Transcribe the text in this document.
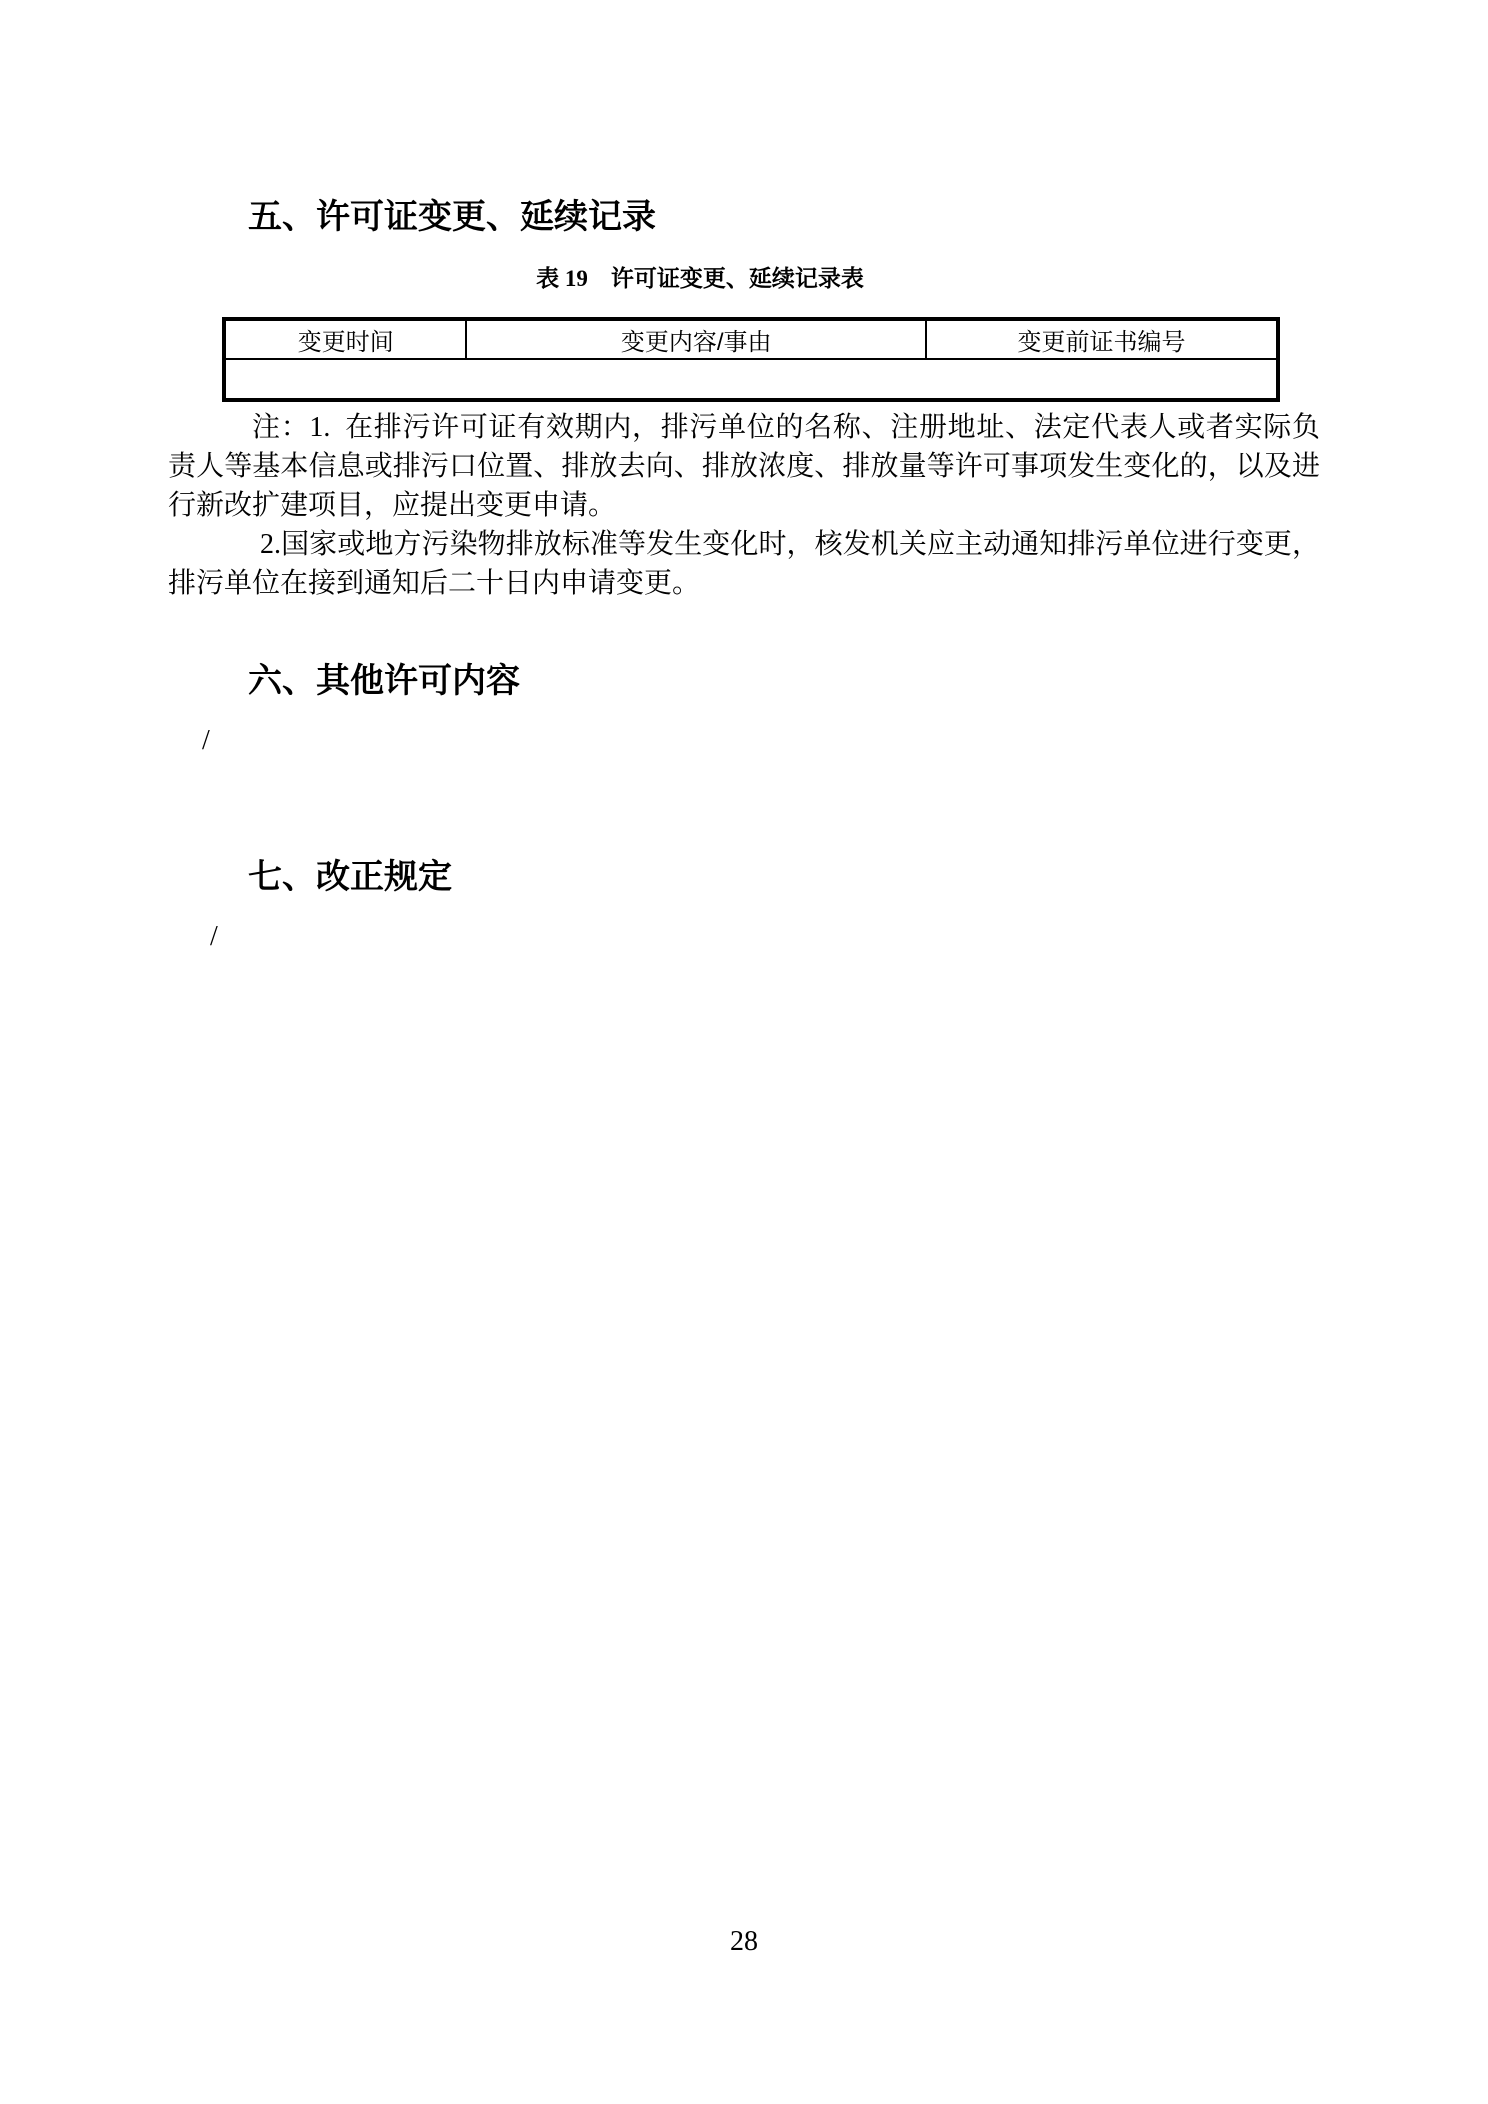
五、许可证变更、延续记录
表 19　许可证变更、延续记录表
变更时间	变更内容/事由	变更前证书编号

注：1. 在排污许可证有效期内，排污单位的名称、注册地址、法定代表人或者实际负责人等基本信息或排污口位置、排放去向、排放浓度、排放量等许可事项发生变化的，以及进行新改扩建项目，应提出变更申请。

2.国家或地方污染物排放标准等发生变化时，核发机关应主动通知排污单位进行变更，排污单位在接到通知后二十日内申请变更。

六、其他许可内容

/

七、改正规定

/

28
